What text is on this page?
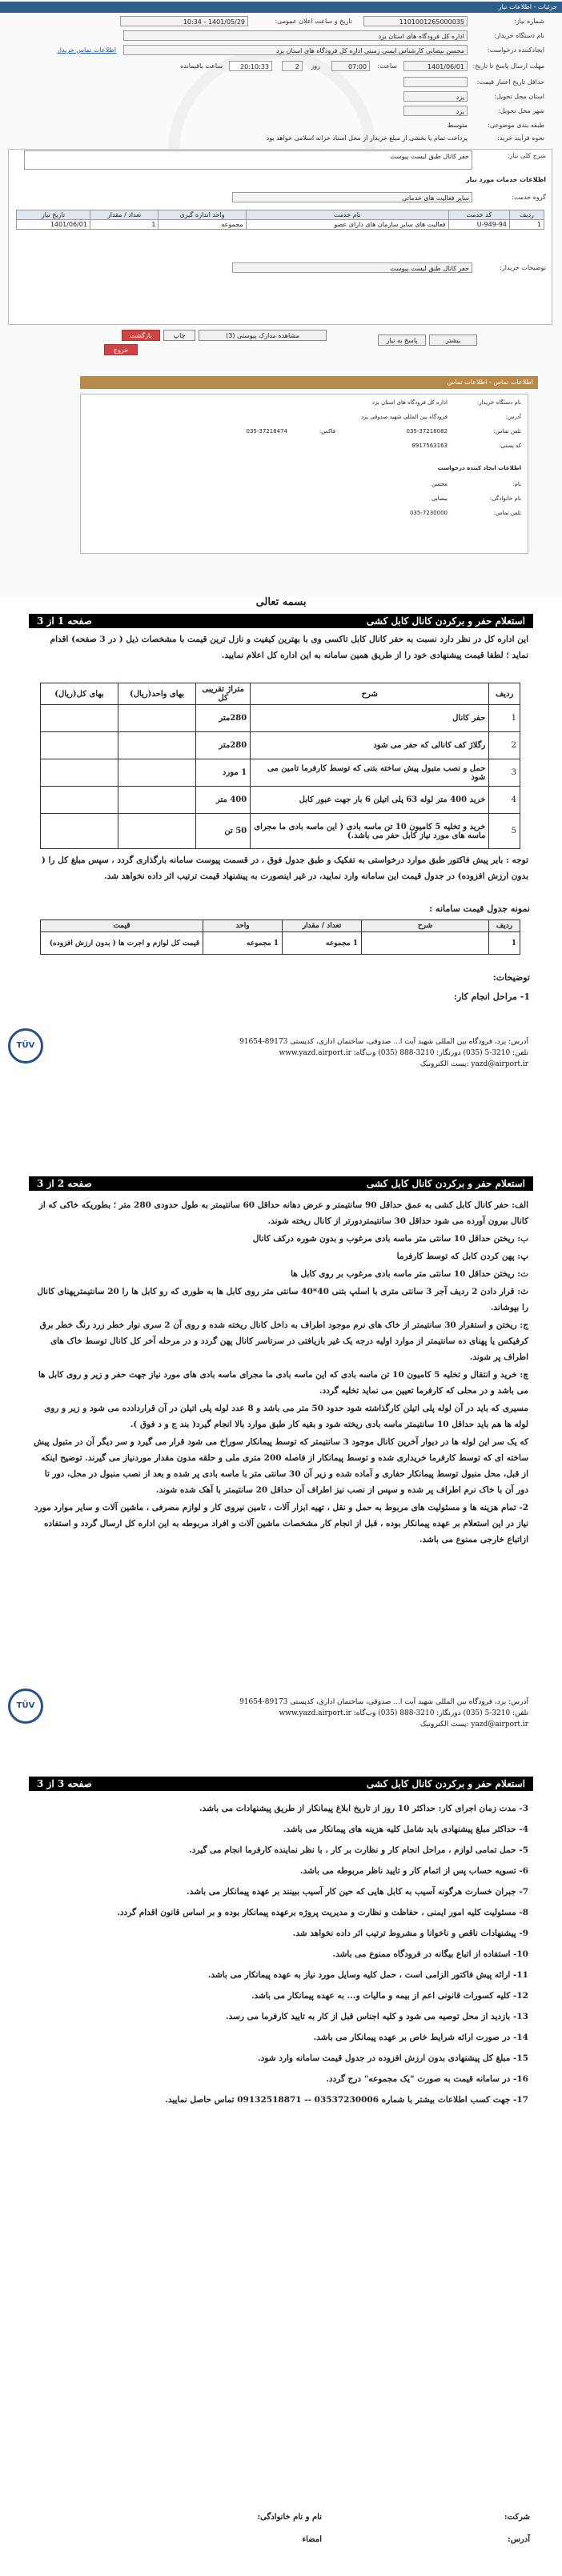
جزئیات - اطلاعات نیاز
شماره نیاز:
1101001265000035
تاریخ و ساعت اعلان عمومی:
1401/05/29 - 10:34
نام دستگاه خریدار:
اداره کل فرودگاه های استان یزد
ایجادکننده درخواست:
محسن بیضایی کارشناس ایمنی زمینی اداره کل فرودگاه های استان یزد
اطلاعات تماس خریدار
مهلت ارسال پاسخ تا تاریخ:
1401/06/01
ساعت:
07:00
روز
2
20:10:33
ساعت باقیمانده
حداقل تاریخ اعتبار قیمت:
استان محل تحویل:
یزد
شهر محل تحویل:
یزد
طبقه بندی موضوعی:
متوسط
نحوه فرآیند خرید:
پرداخت تمام یا بخشی از مبلغ خریدار از محل اسناد خزانه اسلامی خواهد بود
شرح کلی نیاز:
حفر کانال طبق لیست پیوست
اطلاعات خدمات مورد نیاز
گروه خدمت:
سایر فعالیت های خدماتی
ردیف	کد خدمت	نام خدمت	واحد اندازه گیری	تعداد / مقدار	تاریخ نیاز
1	949-94-U	فعالیت های سایر سازمان های دارای عضو	مجموعه	1	1401/06/01
توضیحات خریدار:
حفر کانال طبق لیست پیوست
پاسخ به نیاز	بیشتر
مشاهده مدارک پیوستی (3)
چاپ
بازگشت
خروج
اطلاعات تماس - اطلاعات تماس
نام دستگاه خریدار:
اداره کل فرودگاه های استان یزد
آدرس:
فرودگاه بین المللی شهید صدوقی یزد
تلفن تماس:
035-37218082
فاکس:
035-37218474
کد پستی:
8917563163
اطلاعات ایجاد کننده درخواست
نام:
محسن
نام خانوادگی:
بیضایی
تلفن تماس:
035-7230000
بسمه تعالی
استعلام حفر و برکردن کانال کابل کشی
صفحه 1 از 3
این اداره کل در نظر دارد نسبت به حفر کانال کابل تاکسی وی با بهترین کیفیت و نازل ترین قیمت با مشخصات ذیل ( در 3 صفحه) اقدام نماید ؛ لطفا قیمت پیشنهادی خود را از طریق همین سامانه به این اداره کل اعلام نمایید.
ردیف	شرح	متراژ تقریبی کل	بهای واحد(ریال)	بهای کل(ریال)
1	حفر کانال	280متر		
2	رگلاژ کف کانالی که حفر می شود	280متر		
3	حمل و نصب متبول پیش ساخته بتنی که توسط کارفرما تامین می شود	1 مورد		
4	خرید 400 متر لوله 63 پلی اتیلن 6 بار جهت عبور کابل	400 متر		
5	خرید و تخلیه 5 کامیون 10 تن ماسه بادی ( این ماسه بادی ما مجرای ماسه های مورد نیاز کابل حفر می باشد.)	50 تن		
توجه : بایر پیش فاکتور طبق موارد درخواستی به تفکیک و طبق جدول فوق ، در قسمت پیوست سامانه بارگذاری گردد ، سپس مبلغ کل را ( بدون ارزش افزوده) در جدول قیمت این سامانه وارد نمایید، در غیر اینصورت به پیشنهاد قیمت ترتیب اثر داده نخواهد شد.
نمونه جدول قیمت سامانه :
ردیف	شرح	تعداد / مقدار	واحد	قیمت
1		1 مجموعه	1 مجموعه	قیمت کل لوازم و اجرت ها ( بدون ارزش افزوده)
توضیحات:
1- مراحل انجام کار:
TÜV	آدرس: یزد، فرودگاه بین المللی شهید آیت ا... صدوقی، ساختمان اداری، کدپستی 89173-91654
تلفن: 3210-5 (035) دورنگار: 3210-888 (035) وب‌گاه: www.yazd.airport.ir
yazd@airport.ir :پست الکترونیک
استعلام حفر و برکردن کانال کابل کشی
صفحه 2 از 3

الف: حفر کانال کابل کشی به عمق حداقل 90 سانتیمتر و عرض دهانه حداقل 60 سانتیمتر به طول حدودی 280 متر ؛ بطوریکه خاکی که از کانال بیرون آورده می شود حداقل 30 سانتیمتردورتر از کانال ریخته شوند.

ب: ریختن حداقل 10 سانتی متر ماسه بادی مرغوب و بدون شوره درکف کانال

پ: پهن کردن کابل که توسط کارفرما

ت: ریختن حداقل 10 سانتی متر ماسه بادی مرغوب بر روی کابل ها

ث: قرار دادن 2 ردیف آجر 3 سانتی متری با اسلپ بتنی 40*40 سانتی متر روی کابل ها به طوری که رو کابل ها را 20 سانتیمترپهنای کانال را بپوشاند.

ج: ریختن و استقرار 30 سانتیمتر از خاک های نرم موجود اطراف به داخل کانال ریخته شده و روی آن 2 سری نوار خطر زرد رنگ خطر برق کرفیکس یا پهنای ده سانتیمتر از موارد اولیه درجه یک غیر بازیافتی در سرتاسر کانال پهن گردد و در مرحله آخر کل کانال توسط خاک های اطراف پر شوند.

چ: خرید و انتقال و تخلیه 5 کامیون 10 تن ماسه بادی که این ماسه بادی ما مجرای ماسه بادی های مورد نیاز جهت حفر و زیر و روی کابل ها می باشد و در محلی که کارفرما تعیین می نماید تخلیه گردد.

مسیری که باید در آن لوله پلی اتیلن کارگذاشته شود حدود 50 متر می باشد و 8 عدد لوله پلی اتیلن در آن قراردادده می شود و زیر و روی لوله ها هم باید حداقل 10 سانتیمتر ماسه بادی ریخته شود و بقیه کار طبق موارد بالا انجام گیرد( بند ج و د فوق ).

که یک سر این لوله ها در دیوار آخرین کانال موجود 3 سانتیمتر که توسط پیمانکار سوراخ می شود قرار می گیرد و سر دیگر آن در متبول پیش ساخته ای که توسط کارفرما خریداری شده و توسط پیمانکار از فاصله 200 متری ملی و حلقه مدون مقدار موردنیاز می گیرند. توضیح اینکه از قبل، محل منبول توسط پیمانکار حفاری و آماده شده و زیر آن 30 سانتی متر با ماسه بادی پر شده و بعد از نصب منبول در محل، دور تا دور آن با خاک نرم اطراف پر شده و سپس از نصب نیز اطراف آن حداقل 20 سانتیمتر با آهک شده شوند.

2- تمام هزینه ها و مسئولیت های مربوط به حمل و نقل ، تهیه ابزار آلات ، تامین نیروی کار و لوازم مصرفی ، ماشین آلات و سایر موارد مورد نیاز در این استعلام بر عهده پیمانکار بوده ، قبل از انجام کار مشخصات ماشین آلات و افراد مربوطه به این اداره کل ارسال گردد و استفاده ازاتباع خارجی ممنوع می باشد.

TÜV	آدرس: یزد، فرودگاه بین المللی شهید آیت ا... صدوقی، ساختمان اداری، کدپستی 89173-91654
تلفن: 3210-5 (035) دورنگار: 3210-888 (035) وب‌گاه: www.yazd.airport.ir
yazd@airport.ir :پست الکترونیک
استعلام حفر و برکردن کانال کابل کشی
صفحه 3 از 3

3- مدت زمان اجرای کار: حداکثر 10 روز از تاریخ ابلاغ پیمانکار از طریق پیشنهادات می باشد.

4- حداکثر مبلغ پیشنهادی باید شامل کلیه هزینه های پیمانکار می باشد.

5- حمل تمامی لوازم ، مراحل انجام کار و نظارت بر کار ، با نظر نماینده کارفرما انجام می گیرد.

6- تسویه حساب پس از اتمام کار و تایید ناظر مربوطه می باشد.

7- جبران خسارت هرگونه آسیب به کابل هایی که حین کار آسیب ببینند بر عهده پیمانکار می باشد.

8- مسئولیت کلیه امور ایمنی ، حفاظت و نظارت و مدیریت پروژه برعهده پیمانکار بوده و بر اساس قانون اقدام گردد.

9- پیشنهادات ناقص و ناخوانا و مشروط ترتیب اثر داده نخواهد شد.

10- استفاده از اتباع بیگانه در فرودگاه ممنوع می باشد.

11- ارائه پیش فاکتور الزامی است ، حمل کلیه وسایل مورد نیاز به عهده پیمانکار می باشد.

12- کلیه کسورات قانونی اعم از بیمه و مالیات و... به عهده پیمانکار می باشد.

13- بازدید از محل توصیه می شود و کلیه اجناس قبل از کار به تایید کارفرما می رسد.

14- در صورت ارائه شرایط خاص بر عهده پیمانکار می باشد.

15- مبلغ کل پیشنهادی بدون ارزش افزوده در جدول قیمت سامانه وارد شود.

16- در سامانه قیمت به صورت "یک مجموعه" درج گردد.

17- جهت کسب اطلاعات بیشتر با شماره 03537230006 -- 09132518871 تماس حاصل نمایید.

شرکت:
نام و نام خانوادگی:
آدرس:
امضاء
